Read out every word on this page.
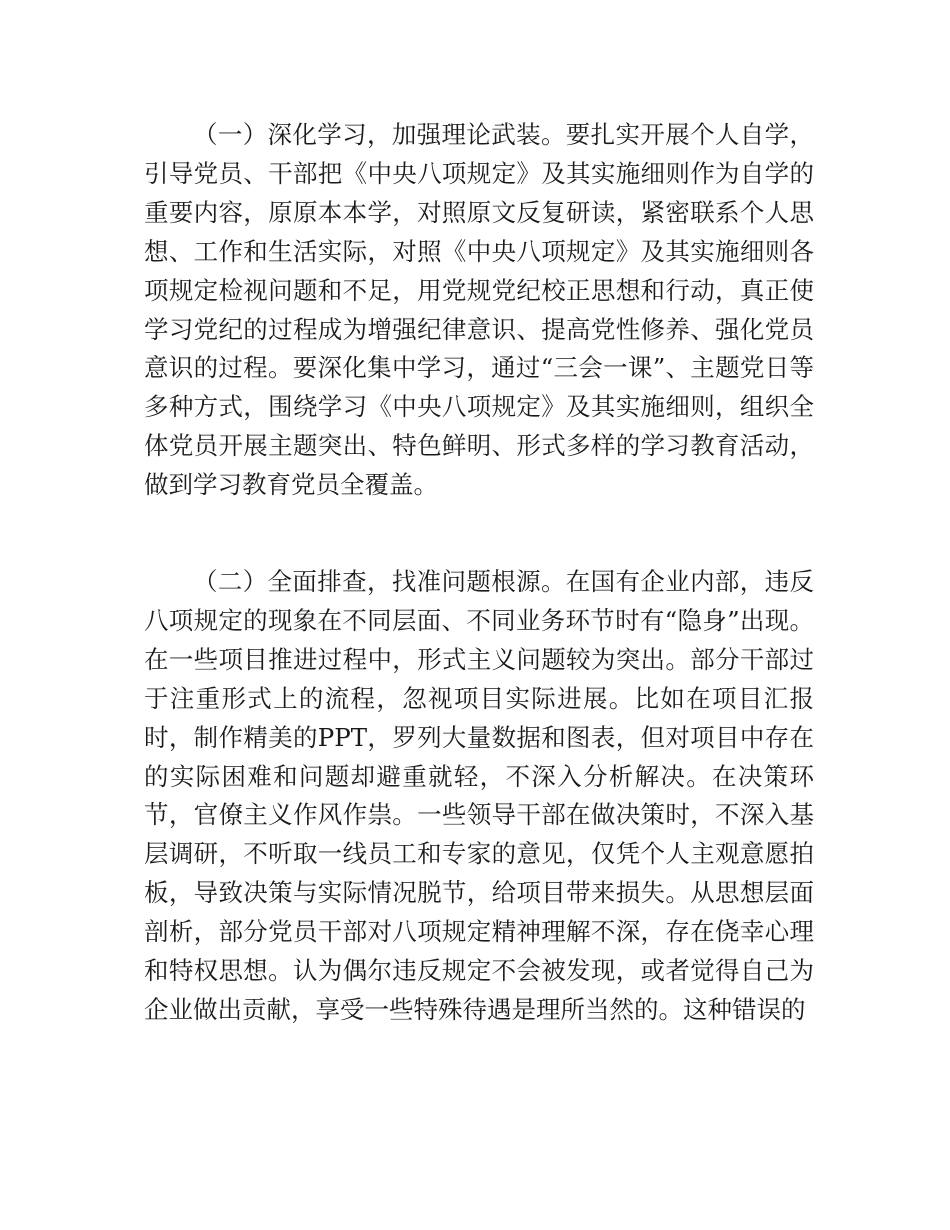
（一）深化学习，加强理论武装。要扎实开展个人自学，引导党员、干部把《中央八项规定》及其实施细则作为自学的重要内容，原原本本学，对照原文反复研读，紧密联系个人思想、工作和生活实际，对照《中央八项规定》及其实施细则各项规定检视问题和不足，用党规党纪校正思想和行动，真正使学习党纪的过程成为增强纪律意识、提高党性修养、强化党员意识的过程。要深化集中学习，通过“三会一课”、主题党日等多种方式，围绕学习《中央八项规定》及其实施细则，组织全体党员开展主题突出、特色鲜明、形式多样的学习教育活动，做到学习教育党员全覆盖。

（二）全面排查，找准问题根源。在国有企业内部，违反八项规定的现象在不同层面、不同业务环节时有“隐身”出现。在一些项目推进过程中，形式主义问题较为突出。部分干部过于注重形式上的流程，忽视项目实际进展。比如在项目汇报时，制作精美的PPT，罗列大量数据和图表，但对项目中存在的实际困难和问题却避重就轻，不深入分析解决。在决策环节，官僚主义作风作祟。一些领导干部在做决策时，不深入基层调研，不听取一线员工和专家的意见，仅凭个人主观意愿拍板，导致决策与实际情况脱节，给项目带来损失。从思想层面剖析，部分党员干部对八项规定精神理解不深，存在侥幸心理和特权思想。认为偶尔违反规定不会被发现，或者觉得自己为企业做出贡献，享受一些特殊待遇是理所当然的。这种错误的
